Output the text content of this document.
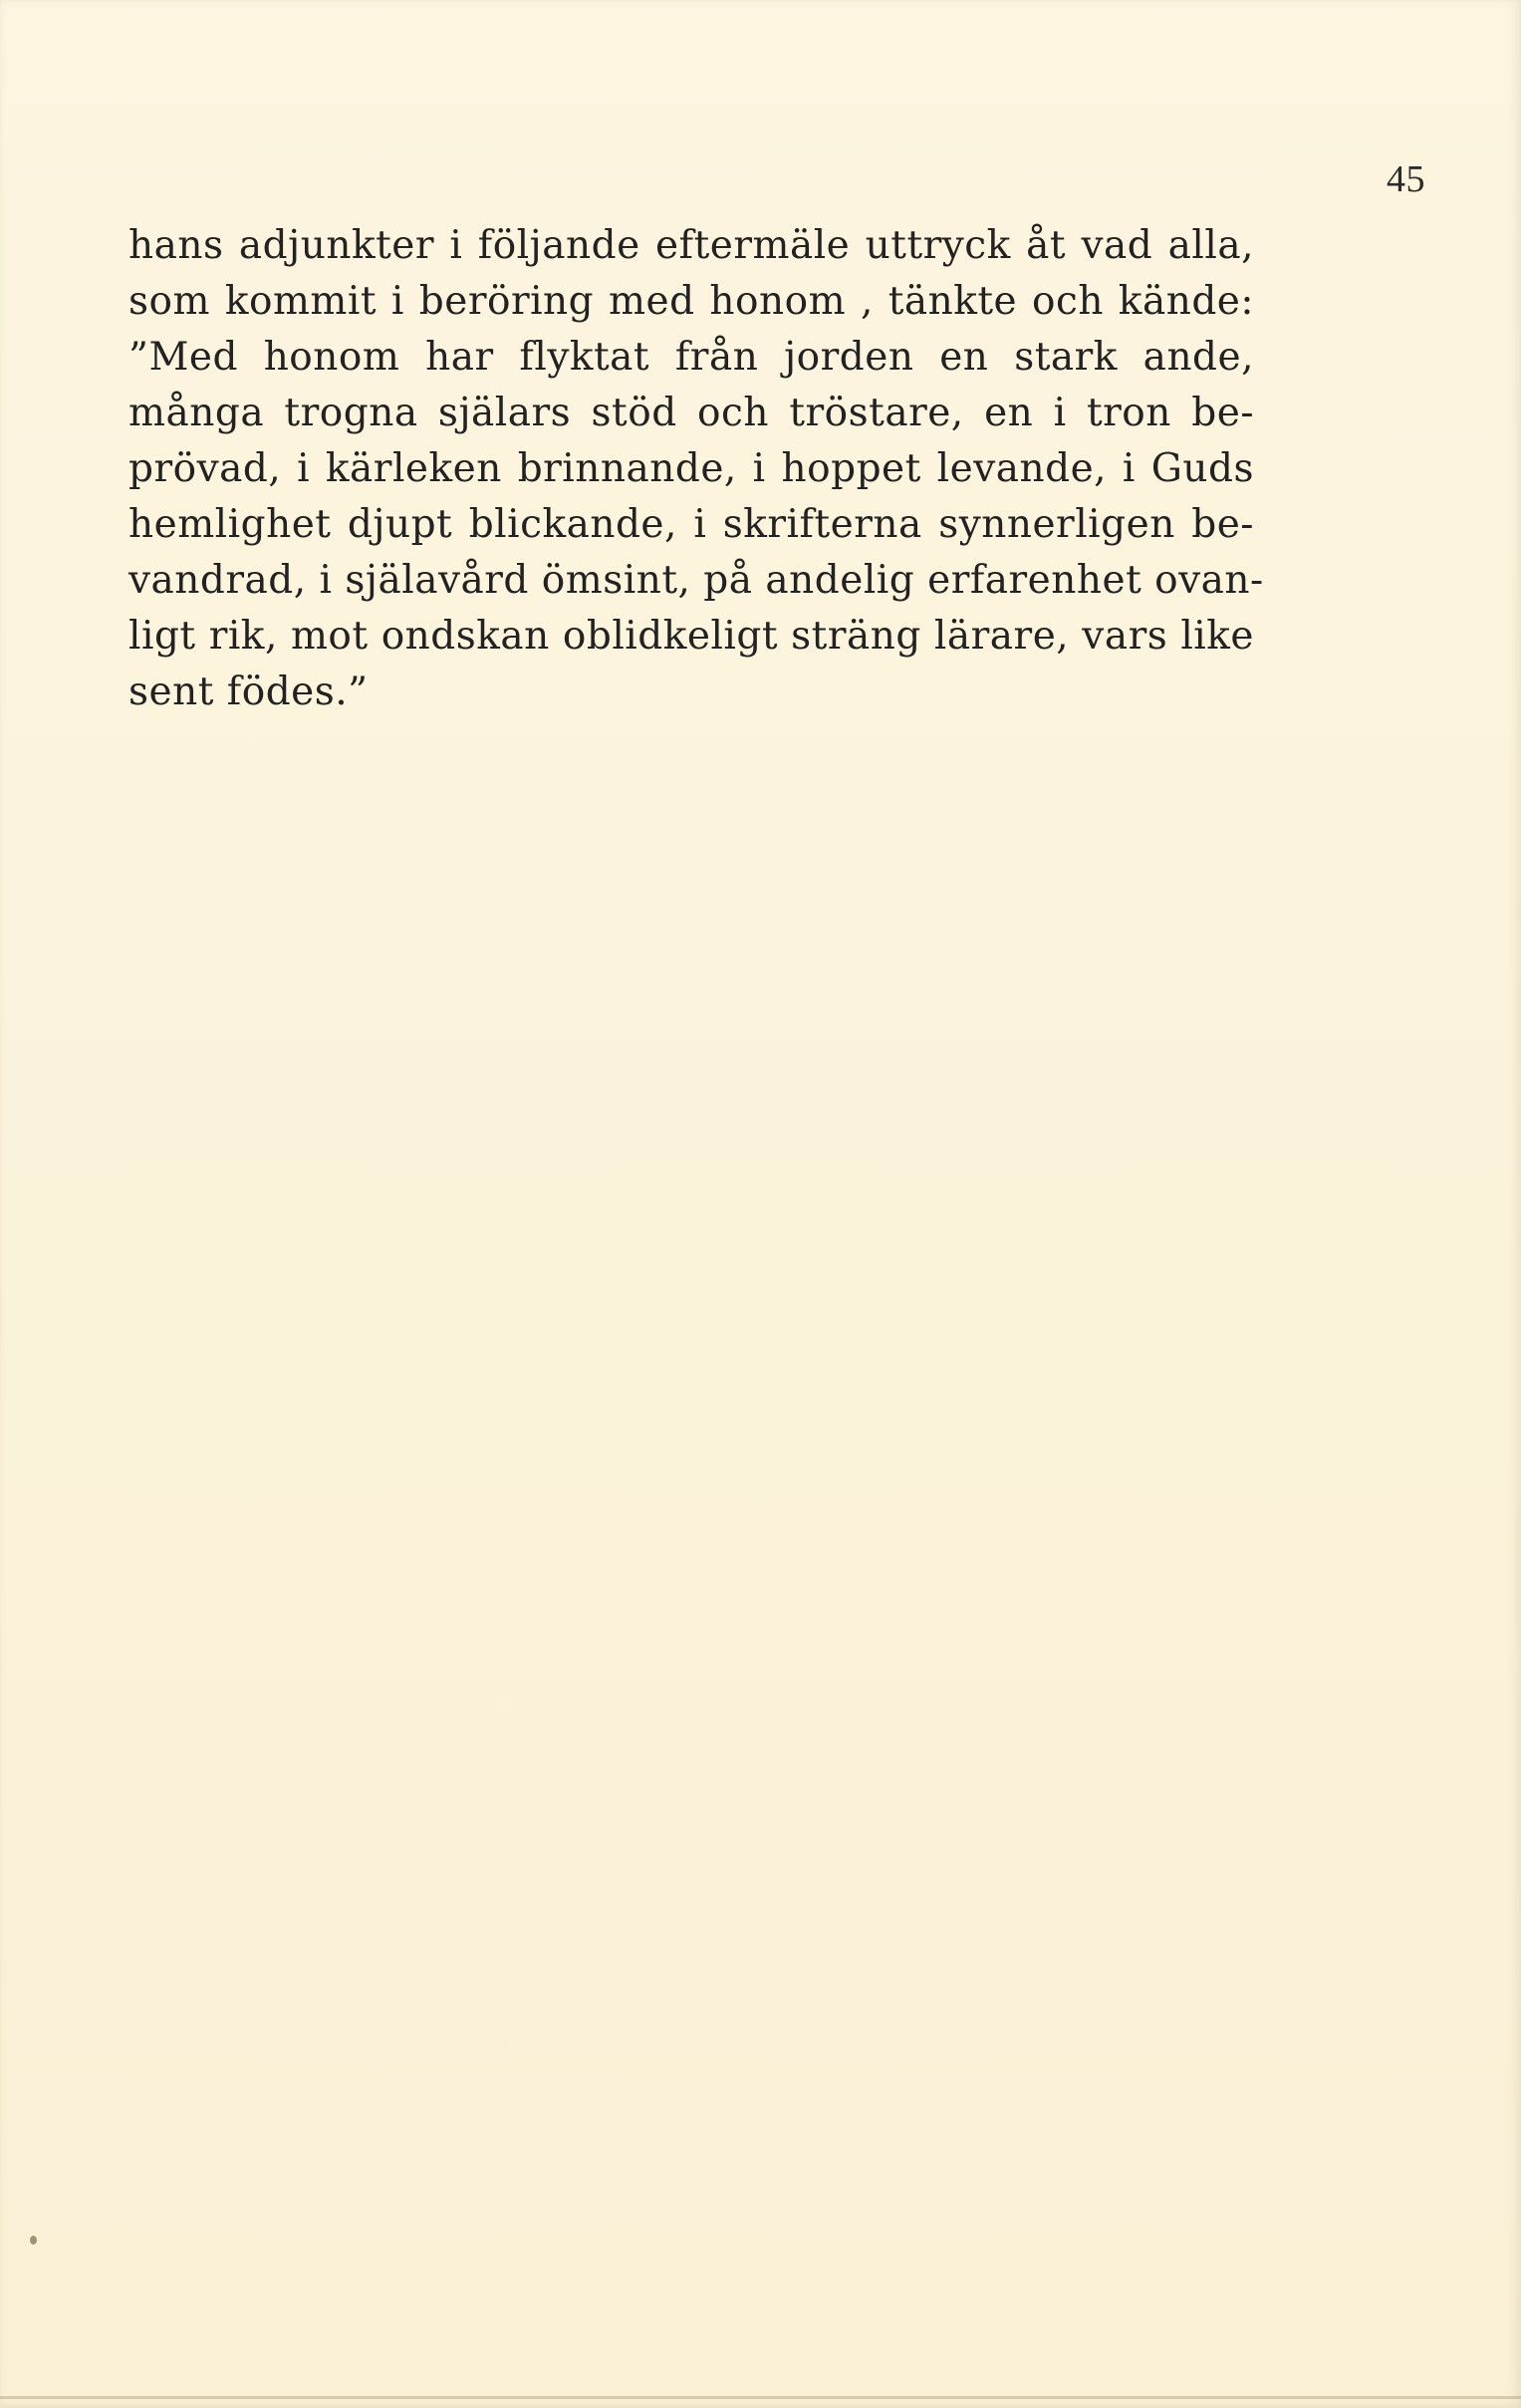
45
hans adjunkter i följande eftermäle uttryck åt vad alla,
som kommit i beröring med honom , tänkte och kände:
”Med honom har flyktat från jorden en stark ande,
många trogna själars stöd och tröstare, en i tron be-
prövad, i kärleken brinnande, i hoppet levande, i Guds
hemlighet djupt blickande, i skrifterna synnerligen be-
vandrad, i själavård ömsint, på andelig erfarenhet ovan-
ligt rik, mot ondskan oblidkeligt sträng lärare, vars like
sent födes.”
